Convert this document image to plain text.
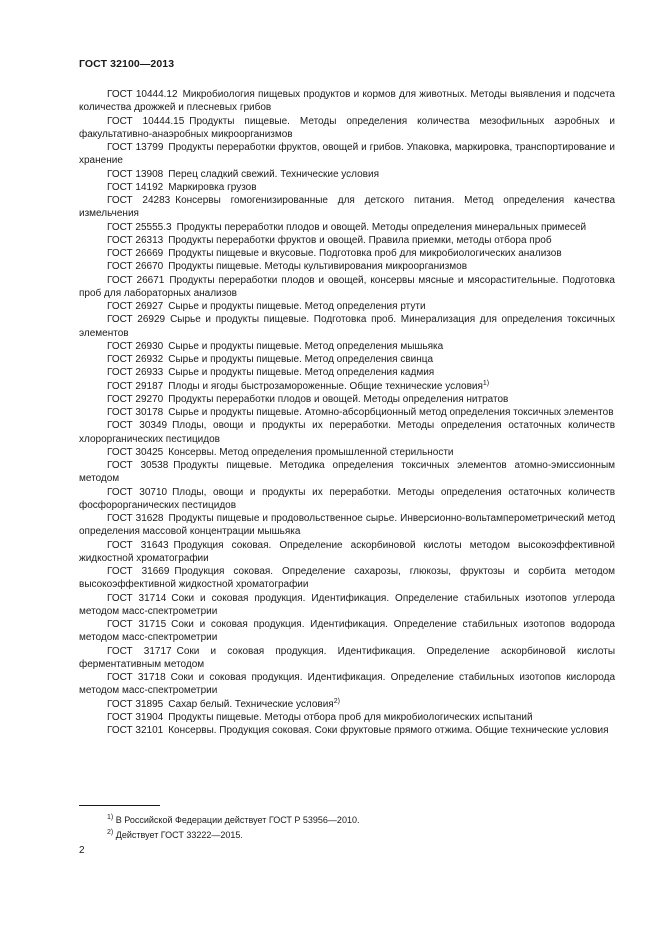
ГОСТ 32100—2013

ГОСТ 10444.12  Микробиология пищевых продуктов и кормов для животных. Методы выявления и подсчета количества дрожжей и плесневых грибов

ГОСТ 10444.15  Продукты пищевые. Методы определения количества мезофильных аэробных и факультативно-анаэробных микроорганизмов

ГОСТ 13799  Продукты переработки фруктов, овощей и грибов. Упаковка, маркировка, транспортирование и хранение

ГОСТ 13908  Перец сладкий свежий. Технические условия

ГОСТ 14192  Маркировка грузов

ГОСТ 24283  Консервы гомогенизированные для детского питания. Метод определения качества измельчения

ГОСТ 25555.3  Продукты переработки плодов и овощей. Методы определения минеральных примесей

ГОСТ 26313  Продукты переработки фруктов и овощей. Правила приемки, методы отбора проб

ГОСТ 26669  Продукты пищевые и вкусовые. Подготовка проб для микробиологических анализов

ГОСТ 26670  Продукты пищевые. Методы культивирования микроорганизмов

ГОСТ 26671  Продукты переработки плодов и овощей, консервы мясные и мясорастительные. Подготовка проб для лабораторных анализов

ГОСТ 26927  Сырье и продукты пищевые. Метод определения ртути

ГОСТ 26929  Сырье и продукты пищевые. Подготовка проб. Минерализация для определения токсичных элементов

ГОСТ 26930  Сырье и продукты пищевые. Метод определения мышьяка

ГОСТ 26932  Сырье и продукты пищевые. Метод определения свинца

ГОСТ 26933  Сырье и продукты пищевые. Метод определения кадмия

ГОСТ 29187  Плоды и ягоды быстрозамороженные. Общие технические условия$^{1)}$

ГОСТ 29270  Продукты переработки плодов и овощей. Методы определения нитратов

ГОСТ 30178  Сырье и продукты пищевые. Атомно-абсорбционный метод определения токсичных элементов

ГОСТ 30349  Плоды, овощи и продукты их переработки. Методы определения остаточных количеств хлорорганических пестицидов

ГОСТ 30425  Консервы. Метод определения промышленной стерильности

ГОСТ 30538  Продукты пищевые. Методика определения токсичных элементов атомно-эмиссионным методом

ГОСТ 30710  Плоды, овощи и продукты их переработки. Методы определения остаточных количеств фосфорорганических пестицидов

ГОСТ 31628  Продукты пищевые и продовольственное сырье. Инверсионно-вольтамперометрический метод определения массовой концентрации мышьяка

ГОСТ 31643  Продукция соковая. Определение аскорбиновой кислоты методом высокоэффективной жидкостной хроматографии

ГОСТ 31669  Продукция соковая. Определение сахарозы, глюкозы, фруктозы и сорбита методом высокоэффективной жидкостной хроматографии

ГОСТ 31714  Соки и соковая продукция. Идентификация. Определение стабильных изотопов углерода методом масс-спектрометрии

ГОСТ 31715  Соки и соковая продукция. Идентификация. Определение стабильных изотопов водорода методом масс-спектрометрии

ГОСТ 31717  Соки и соковая продукция. Идентификация. Определение аскорбиновой кислоты ферментативным методом

ГОСТ 31718  Соки и соковая продукция. Идентификация. Определение стабильных изотопов кислорода методом масс-спектрометрии

ГОСТ 31895  Сахар белый. Технические условия$^{2)}$

ГОСТ 31904  Продукты пищевые. Методы отбора проб для микробиологических испытаний

ГОСТ 32101  Консервы. Продукция соковая. Соки фруктовые прямого отжима. Общие технические условия

$^{1)}$ В Российской Федерации действует ГОСТ Р 53956—2010.

$^{2)}$ Действует ГОСТ 33222—2015.

2
